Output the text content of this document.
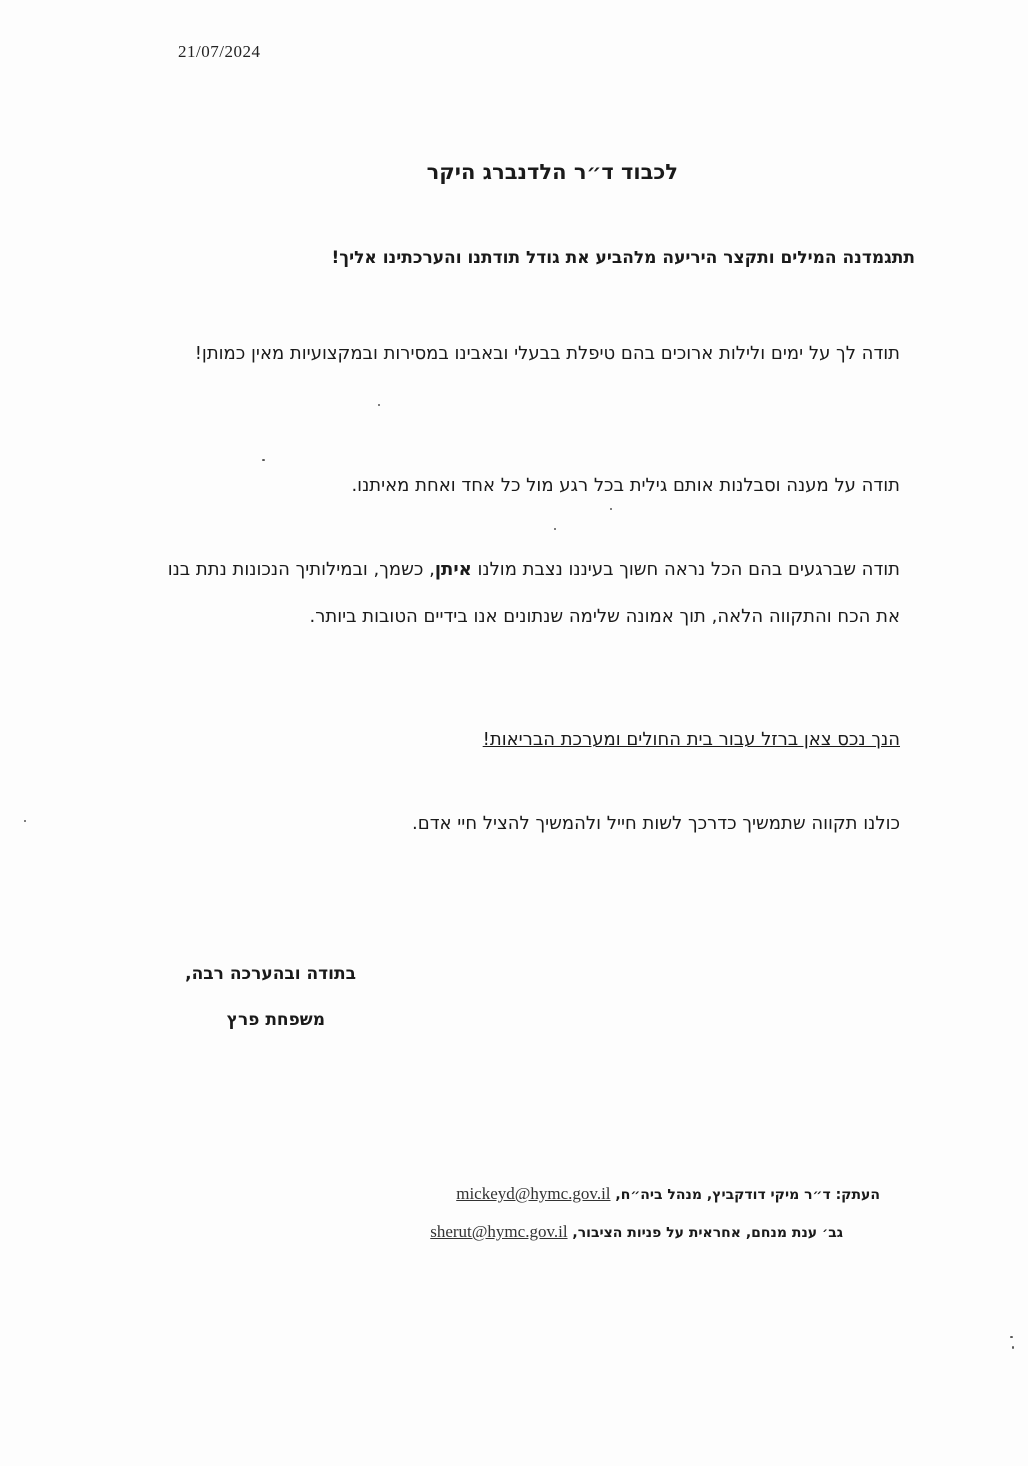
21/07/2024
לכבוד ד״ר הלדנברג היקר
תתגמדנה המילים ותקצר היריעה מלהביע את גודל תודתנו והערכתינו אליך!
תודה לך על ימים ולילות ארוכים בהם טיפלת בבעלי ובאבינו במסירות ובמקצועיות מאין כמותן!
תודה על מענה וסבלנות אותם גילית בכל רגע מול כל אחד ואחת מאיתנו.
תודה שברגעים בהם הכל נראה חשוך בעיננו נצבת מולנו איתן, כשמך, ובמילותיך הנכונות נתת בנו את הכח והתקווה הלאה, תוך אמונה שלימה שנתונים אנו בידיים הטובות ביותר.
הנך נכס צאן ברזל עבור בית החולים ומערכת הבריאות!
כולנו תקווה שתמשיך כדרכך לשות חייל ולהמשיך להציל חיי אדם.
בתודה ובהערכה רבה,
משפחת פרץ
העתק: ד״ר מיקי דודקביץ, מנהל ביה״ח, mickeyd@hymc.gov.il
גב׳ ענת מנחם, אחראית על פניות הציבור, sherut@hymc.gov.il
